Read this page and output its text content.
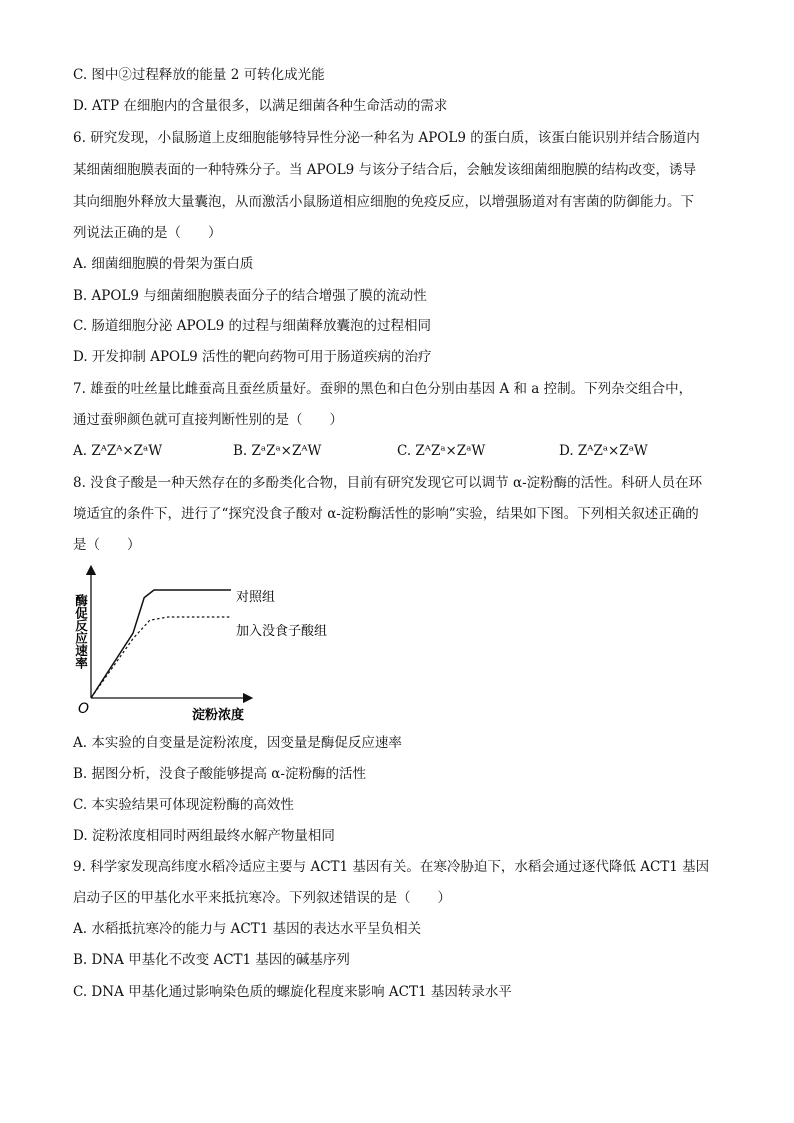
C. 图中②过程释放的能量 2 可转化成光能
D. ATP 在细胞内的含量很多，以满足细菌各种生命活动的需求
6. 研究发现，小鼠肠道上皮细胞能够特异性分泌一种名为 APOL9 的蛋白质，该蛋白能识别并结合肠道内
某细菌细胞膜表面的一种特殊分子。当 APOL9 与该分子结合后，会触发该细菌细胞膜的结构改变，诱导
其向细胞外释放大量囊泡，从而激活小鼠肠道相应细胞的免疫反应，以增强肠道对有害菌的防御能力。下
列说法正确的是（　　）
A. 细菌细胞膜的骨架为蛋白质
B. APOL9 与细菌细胞膜表面分子的结合增强了膜的流动性
C. 肠道细胞分泌 APOL9 的过程与细菌释放囊泡的过程相同
D. 开发抑制 APOL9 活性的靶向药物可用于肠道疾病的治疗
7. 雄蚕的吐丝量比雌蚕高且蚕丝质量好。蚕卵的黑色和白色分别由基因 A 和 a 控制。下列杂交组合中，
通过蚕卵颜色就可直接判断性别的是（　　）
A. ZᴬZᴬ×ZᵃW	B. ZᵃZᵃ×ZᴬW	C. ZᴬZᵃ×ZᵃW	D. ZᴬZᵃ×ZᵃW
8. 没食子酸是一种天然存在的多酚类化合物，目前有研究发现它可以调节 α-淀粉酶的活性。科研人员在环
境适宜的条件下，进行了“探究没食子酸对 α-淀粉酶活性的影响”实验，结果如下图。下列相关叙述正确的
是（　　）
酶促反应速率
O	淀粉浓度
对照组
加入没食子酸组
A. 本实验的自变量是淀粉浓度，因变量是酶促反应速率
B. 据图分析，没食子酸能够提高 α-淀粉酶的活性
C. 本实验结果可体现淀粉酶的高效性
D. 淀粉浓度相同时两组最终水解产物量相同
9. 科学家发现高纬度水稻冷适应主要与 ACT1 基因有关。在寒冷胁迫下，水稻会通过逐代降低 ACT1 基因
启动子区的甲基化水平来抵抗寒冷。下列叙述错误的是（　　）
A. 水稻抵抗寒冷的能力与 ACT1 基因的表达水平呈负相关
B. DNA 甲基化不改变 ACT1 基因的碱基序列
C. DNA 甲基化通过影响染色质的螺旋化程度来影响 ACT1 基因转录水平
